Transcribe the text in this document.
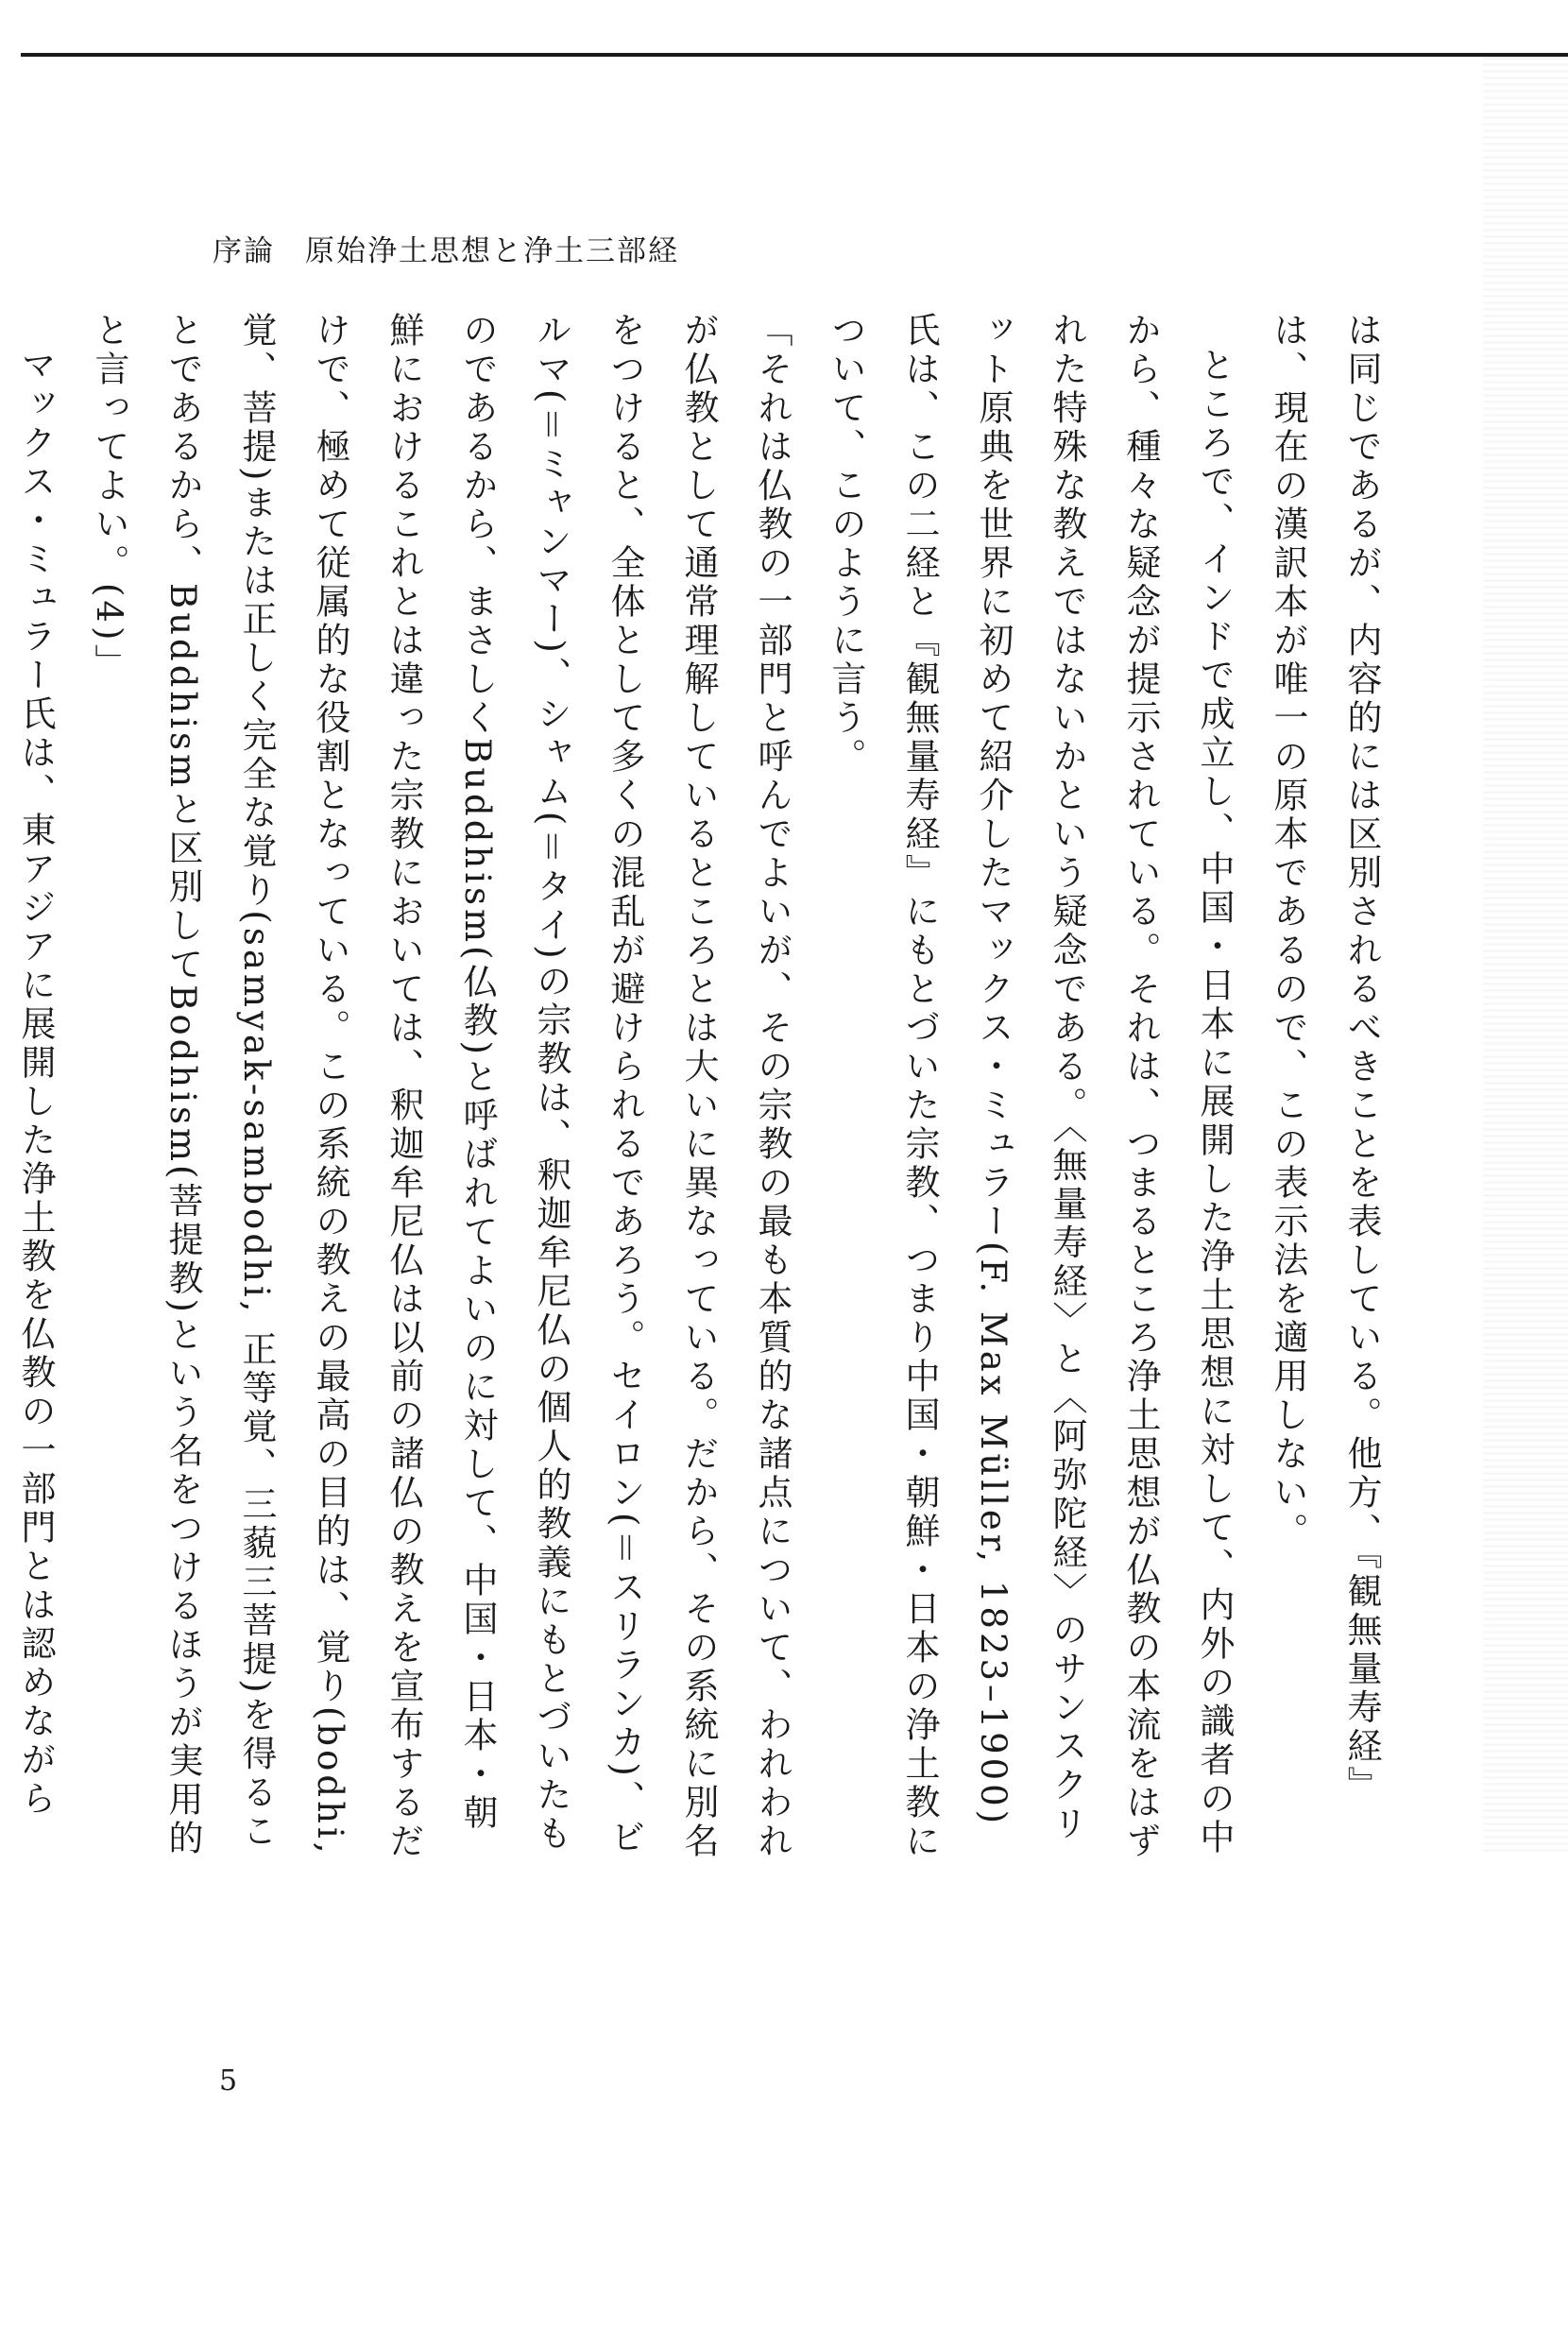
序論 原始浄土思想と浄土三部経

は同じであるが、内容的には区別されるべきことを表している。他方、『観無量寿経』は、現在の漢訳本が唯一の原本であるので、この表示法を適用しない。

ところで、インドで成立し、中国・日本に展開した浄土思想に対して、内外の識者の中から、種々な疑念が提示されている。それは、つまるところ浄土思想が仏教の本流をはずれた特殊な教えではないかという疑念である。〈無量寿経〉と〈阿弥陀経〉のサンスクリット原典を世界に初めて紹介したマックス・ミュラー(F. Max Müller, 1823–1900)氏は、この二経と『観無量寿経』にもとづいた宗教、つまり中国・朝鮮・日本の浄土教について、このように言う。

「それは仏教の一部門と呼んでよいが、その宗教の最も本質的な諸点について、われわれが仏教として通常理解しているところとは大いに異なっている。だから、その系統に別名をつけると、全体として多くの混乱が避けられるであろう。セイロン(＝スリランカ)、ビルマ(＝ミャンマー)、シャム(＝タイ)の宗教は、釈迦牟尼仏の個人的教義にもとづいたものであるから、まさしくBuddhism(仏教)と呼ばれてよいのに対して、中国・日本・朝鮮におけるこれとは違った宗教においては、釈迦牟尼仏は以前の諸仏の教えを宣布するだけで、極めて従属的な役割となっている。この系統の教えの最高の目的は、覚り(bodhi, 覚、菩提)または正しく完全な覚り(samyak-sambodhi, 正等覚、三藐三菩提)を得ることであるから、Buddhismと区別してBodhism(菩提教)という名をつけるほうが実用的と言ってよい。(4)」

マックス・ミュラー氏は、東アジアに展開した浄土教を仏教の一部門とは認めながら

5
